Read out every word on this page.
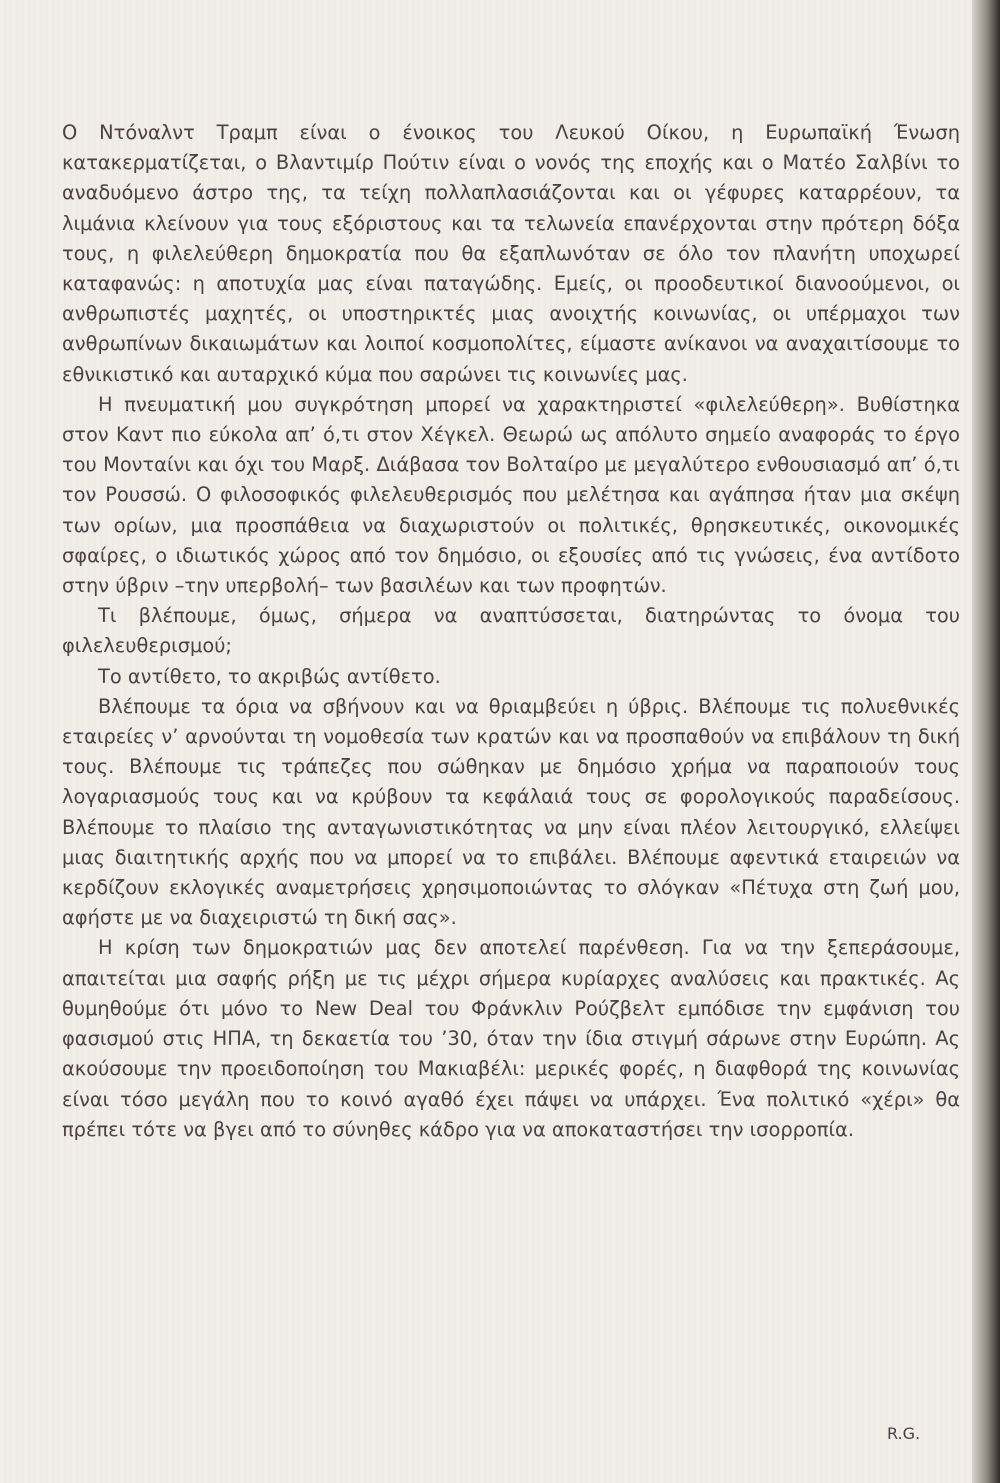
Ο Ντόναλντ Τραμπ είναι ο ένοικος του Λευκού Οίκου, η Ευρωπαϊκή Ένωση κατακερματίζεται, ο Βλαντιμίρ Πούτιν είναι ο νονός της εποχής και ο Ματέο Σαλβίνι το αναδυόμενο άστρο της, τα τείχη πολλαπλασιάζονται και οι γέφυρες καταρρέουν, τα λιμάνια κλείνουν για τους εξόριστους και τα τελωνεία επανέρχονται στην πρότερη δόξα τους, η φιλελεύθερη δημοκρατία που θα εξαπλωνόταν σε όλο τον πλανήτη υποχωρεί καταφανώς: η αποτυχία μας είναι παταγώδης. Εμείς, οι προοδευτικοί διανοούμενοι, οι ανθρωπιστές μαχητές, οι υποστηρικτές μιας ανοιχτής κοινωνίας, οι υπέρμαχοι των ανθρωπίνων δικαιωμάτων και λοιποί κοσμοπολίτες, είμαστε ανίκανοι να αναχαιτίσουμε το εθνικιστικό και αυταρχικό κύμα που σαρώνει τις κοινωνίες μας.

Η πνευματική μου συγκρότηση μπορεί να χαρακτηριστεί «φιλελεύθερη». Βυθίστηκα στον Καντ πιο εύκολα απ’ ό,τι στον Χέγκελ. Θεωρώ ως απόλυτο σημείο αναφοράς το έργο του Μονταίνι και όχι του Μαρξ. Διάβασα τον Βολταίρο με μεγαλύτερο ενθουσιασμό απ’ ό,τι τον Ρουσσώ. Ο φιλοσοφικός φιλελευθερισμός που μελέτησα και αγάπησα ήταν μια σκέψη των ορίων, μια προσπάθεια να διαχωριστούν οι πολιτικές, θρησκευτικές, οικονομικές σφαίρες, ο ιδιωτικός χώρος από τον δημόσιο, οι εξουσίες από τις γνώσεις, ένα αντίδοτο στην ύβριν –την υπερβολή– των βασιλέων και των προφητών.

Τι βλέπουμε, όμως, σήμερα να αναπτύσσεται, διατηρώντας το όνομα του φιλελευθερισμού;

Το αντίθετο, το ακριβώς αντίθετο.

Βλέπουμε τα όρια να σβήνουν και να θριαμβεύει η ύβρις. Βλέπουμε τις πολυεθνικές εταιρείες ν’ αρνούνται τη νομοθεσία των κρατών και να προσπαθούν να επιβάλουν τη δική τους. Βλέπουμε τις τράπεζες που σώθηκαν με δημόσιο χρήμα να παραποιούν τους λογαριασμούς τους και να κρύβουν τα κεφάλαιά τους σε φορολογικούς παραδείσους. Βλέπουμε το πλαίσιο της ανταγωνιστικότητας να μην είναι πλέον λειτουργικό, ελλείψει μιας διαιτητικής αρχής που να μπορεί να το επιβάλει. Βλέπουμε αφεντικά εταιρειών να κερδίζουν εκλογικές αναμετρήσεις χρησιμοποιώντας το σλόγκαν «Πέτυχα στη ζωή μου, αφήστε με να διαχειριστώ τη δική σας».

Η κρίση των δημοκρατιών μας δεν αποτελεί παρένθεση. Για να την ξεπεράσουμε, απαιτείται μια σαφής ρήξη με τις μέχρι σήμερα κυρίαρχες αναλύσεις και πρακτικές. Ας θυμηθούμε ότι μόνο το New Deal του Φράνκλιν Ρούζβελτ εμπόδισε την εμφάνιση του φασισμού στις ΗΠΑ, τη δεκαετία του ’30, όταν την ίδια στιγμή σάρωνε στην Ευρώπη. Ας ακούσουμε την προειδοποίηση του Μακιαβέλι: μερικές φορές, η διαφθορά της κοινωνίας είναι τόσο μεγάλη που το κοινό αγαθό έχει πάψει να υπάρχει. Ένα πολιτικό «χέρι» θα πρέπει τότε να βγει από το σύνηθες κάδρο για να αποκαταστήσει την ισορροπία.

R.G.
